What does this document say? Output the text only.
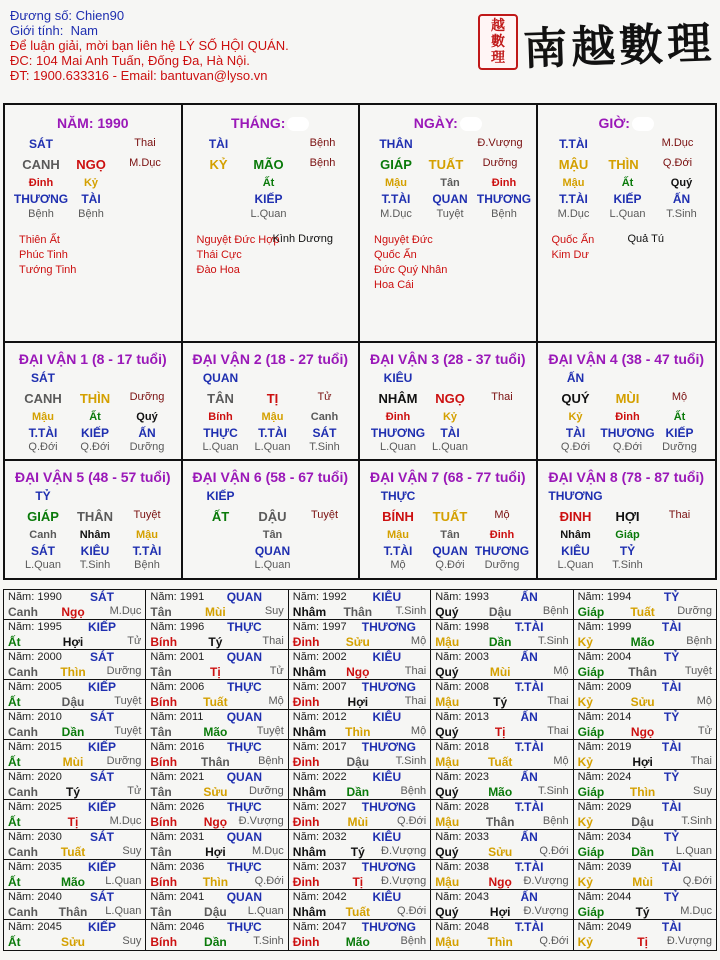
Đương số: Chien90
Giới tính: Nam
Để luận giải, mời bạn liên hệ LÝ SỐ HỘI QUÁN.
ĐC: 104 Mai Anh Tuấn, Đống Đa, Hà Nội.
ĐT: 1900.633316 - Email: bantuvan@lyso.vn
越
數
理 南越數理
NĂM: 1990
SÁT	Thai
CANH	NGỌ	M.Dục
Đinh
THƯƠNG
Bệnh
Kỷ
TÀI
Bệnh
Thiên Ất
Phúc Tinh
Tướng Tinh
THÁNG:
TÀI	Bệnh
KỶ	MÃO	Bệnh
Ất
KIẾP
L.Quan
Nguyệt Đức Hợp
Thái Cực
Đào Hoa
Kình Dương
NGÀY:
THÂN	Đ.Vượng
GIÁP	TUẤT	Dưỡng
Mậu
T.TÀI
M.Dục
Tân
QUAN
Tuyệt
Đinh
THƯƠNG
Bệnh
Nguyệt Đức
Quốc Ấn
Đức Quý Nhân
Hoa Cái
GIỜ:
T.TÀI	M.Dục
MẬU	THÌN	Q.Đới
Mậu
T.TÀI
M.Dục
Ất
KIẾP
L.Quan
Quý
ẤN
T.Sinh
Quốc Ấn
Kim Dư
Quả Tú
ĐẠI VẬN 1 (8 - 17 tuổi)
SÁT
CANH	THÌN	Dưỡng
Mậu
T.TÀI
Q.Đới
Ất
KIẾP
Q.Đới
Quý
ẤN
Dưỡng
ĐẠI VẬN 2 (18 - 27 tuổi)
QUAN
TÂN	TỊ	Tử
Bính
THỰC
L.Quan
Mậu
T.TÀI
L.Quan
Canh
SÁT
T.Sinh
ĐẠI VẬN 3 (28 - 37 tuổi)
KIÊU
NHÂM	NGỌ	Thai
Đinh
THƯƠNG
L.Quan
Kỷ
TÀI
L.Quan
ĐẠI VẬN 4 (38 - 47 tuổi)
ẤN
QUÝ	MÙI	Mộ
Kỷ
TÀI
Q.Đới
Đinh
THƯƠNG
Q.Đới
Ất
KIẾP
Dưỡng
ĐẠI VẬN 5 (48 - 57 tuổi)
TỶ
GIÁP	THÂN	Tuyệt
Canh
SÁT
L.Quan
Nhâm
KIÊU
T.Sinh
Mậu
T.TÀI
Bệnh
ĐẠI VẬN 6 (58 - 67 tuổi)
KIẾP
ẤT	DẬU	Tuyệt
Tân
QUAN
L.Quan
ĐẠI VẬN 7 (68 - 77 tuổi)
THỰC
BÍNH	TUẤT	Mộ
Mậu
T.TÀI
Mộ
Tân
QUAN
Q.Đới
Đinh
THƯƠNG
Dưỡng
ĐẠI VẬN 8 (78 - 87 tuổi)
THƯƠNG
ĐINH	HỢI	Thai
Nhâm
KIÊU
L.Quan
Giáp
TỶ
T.Sinh
Năm: 1990	SÁT
Canh	Ngọ	M.Dục
Năm: 1991	QUAN
Tân	Mùi	Suy
Năm: 1992	KIÊU
Nhâm	Thân	T.Sinh
Năm: 1993	ẤN
Quý	Dậu	Bệnh
Năm: 1994	TỶ
Giáp	Tuất	Dưỡng
Năm: 1995	KIẾP
Ất	Hợi	Tử
Năm: 1996	THỰC
Bính	Tý	Thai
Năm: 1997 THƯƠNG
Đinh	Sửu	Mộ
Năm: 1998	T.TÀI
Mậu	Dần	T.Sinh
Năm: 1999	TÀI
Kỷ	Mão	Bệnh
Năm: 2000	SÁT
Canh	Thìn	Dưỡng
Năm: 2001	QUAN
Tân	Tị	Tử
Năm: 2002	KIÊU
Nhâm	Ngọ	Thai
Năm: 2003	ẤN
Quý	Mùi	Mộ
Năm: 2004	TỶ
Giáp	Thân	Tuyệt
Năm: 2005	KIẾP
Ất	Dậu	Tuyệt
Năm: 2006	THỰC
Bính	Tuất	Mộ
Năm: 2007 THƯƠNG
Đinh	Hợi	Thai
Năm: 2008	T.TÀI
Mậu	Tý	Thai
Năm: 2009	TÀI
Kỷ	Sửu	Mộ
Năm: 2010	SÁT
Canh	Dần	Tuyệt
Năm: 2011	QUAN
Tân	Mão	Tuyệt
Năm: 2012	KIÊU
Nhâm	Thìn	Mộ
Năm: 2013	ẤN
Quý	Tị	Thai
Năm: 2014	TỶ
Giáp	Ngọ	Tử
Năm: 2015	KIẾP
Ất	Mùi	Dưỡng
Năm: 2016	THỰC
Bính	Thân	Bệnh
Năm: 2017 THƯƠNG
Đinh	Dậu	T.Sinh
Năm: 2018	T.TÀI
Mậu	Tuất	Mộ
Năm: 2019	TÀI
Kỷ	Hợi	Thai
Năm: 2020	SÁT
Canh	Tý	Tử
Năm: 2021	QUAN
Tân	Sửu	Dưỡng
Năm: 2022	KIÊU
Nhâm	Dần	Bệnh
Năm: 2023	ẤN
Quý	Mão	T.Sinh
Năm: 2024	TỶ
Giáp	Thìn	Suy
Năm: 2025	KIẾP
Ất	Tị	M.Dục
Năm: 2026	THỰC
Bính	Ngọ	Đ.Vượng
Năm: 2027 THƯƠNG
Đinh	Mùi	Q.Đới
Năm: 2028	T.TÀI
Mậu	Thân	Bệnh
Năm: 2029	TÀI
Kỷ	Dậu	T.Sinh
Năm: 2030	SÁT
Canh	Tuất	Suy
Năm: 2031	QUAN
Tân	Hợi	M.Dục
Năm: 2032	KIÊU
Nhâm	Tý	Đ.Vượng
Năm: 2033	ẤN
Quý	Sửu	Q.Đới
Năm: 2034	TỶ
Giáp	Dần	L.Quan
Năm: 2035	KIẾP
Ất	Mão	L.Quan
Năm: 2036	THỰC
Bính	Thìn	Q.Đới
Năm: 2037 THƯƠNG
Đinh	Tị	Đ.Vượng
Năm: 2038	T.TÀI
Mậu	Ngọ	Đ.Vượng
Năm: 2039	TÀI
Kỷ	Mùi	Q.Đới
Năm: 2040	SÁT
Canh	Thân	L.Quan
Năm: 2041	QUAN
Tân	Dậu	L.Quan
Năm: 2042	KIÊU
Nhâm	Tuất	Q.Đới
Năm: 2043	ẤN
Quý	Hợi	Đ.Vượng
Năm: 2044	TỶ
Giáp	Tý	M.Dục
Năm: 2045	KIẾP
Ất	Sửu	Suy
Năm: 2046	THỰC
Bính	Dần	T.Sinh
Năm: 2047 THƯƠNG
Đinh	Mão	Bệnh
Năm: 2048	T.TÀI
Mậu	Thìn	Q.Đới
Năm: 2049	TÀI
Kỷ	Tị	Đ.Vượng
